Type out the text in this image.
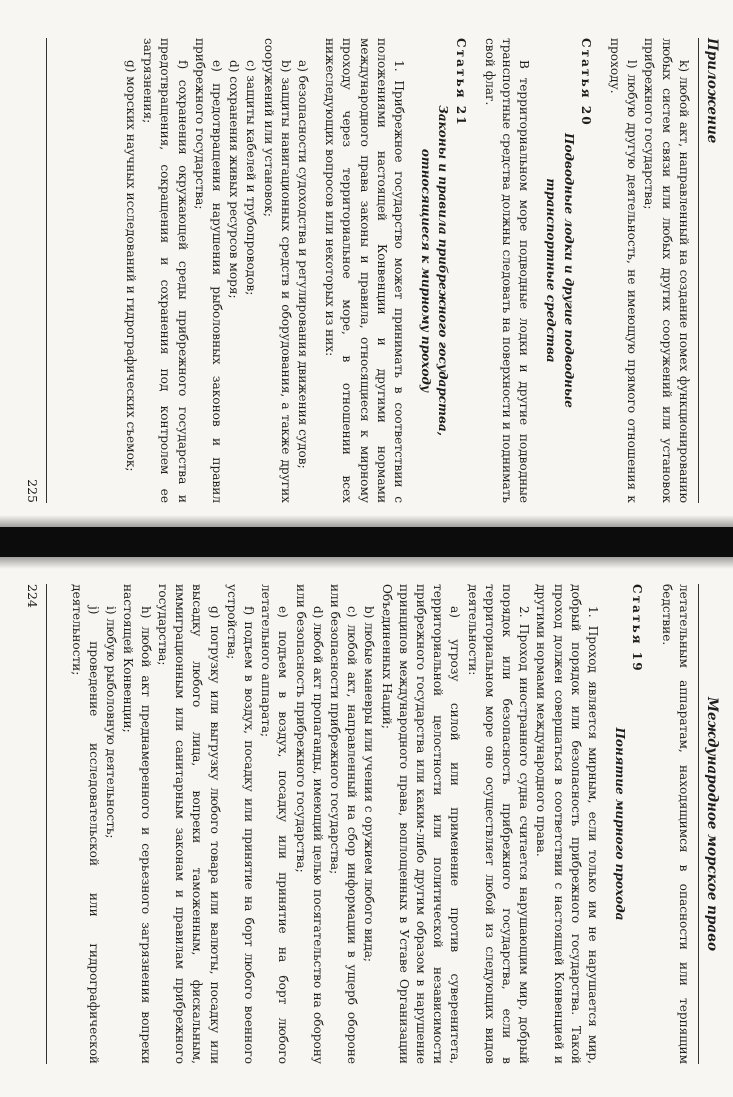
Международное морское право

летательным аппаратам, находящимся в опасности или терпящим бедствие.

Статья 19

Понятие мирного прохода

1. Проход является мирным, если только им не нарушается мир, добрый порядок или безопасность прибрежного государства. Такой проход должен совершаться в соответствии с настоящей Конвенцией и другими нормами международного права.

2. Проход иностранного судна считается нарушающим мир, добрый порядок или безопасность прибрежного государства, если в территориальном море оно осуществляет любой из следующих видов деятельности:

a) угрозу силой или применение против суверенитета, территориальной целостности или политической независимости прибрежного государства или каким-либо другим образом в нарушение принципов международного права, воплощенных в Уставе Организации Объединенных Наций;

b) любые маневры или учения с оружием любого вида;

c) любой акт, направленный на сбор информации в ущерб обороне или безопасности прибрежного государства;

d) любой акт пропаганды, имеющий целью посягательство на оборону или безопасность прибрежного государства;

e) подъем в воздух, посадку или принятие на борт любого летательного аппарата;

f) подъем в воздух, посадку или принятие на борт любого военного устройства;

g) погрузку или выгрузку любого товара или валюты, посадку или высадку любого лица, вопреки таможенным, фискальным, иммиграционным или санитарным законам и правилам прибрежного государства;

h) любой акт преднамеренного и серьезного загрязнения вопреки настоящей Конвенции;

i) любую рыболовную деятельность;

j) проведение исследовательской или гидрографической деятельности;

224
Приложение

k) любой акт, направленный на создание помех функционированию любых систем связи или любых других сооружений или установок прибрежного государства;

l) любую другую деятельность, не имеющую прямого отношения к проходу.

Статья 20

Подводные лодки и другие подводные транспортные средства

В территориальном море подводные лодки и другие подводные транспортные средства должны следовать на поверхности и поднимать свой флаг.

Статья 21

Законы и правила прибрежного государства, относящиеся к мирному проходу

1. Прибрежное государство может принимать в соответствии с положениями настоящей Конвенции и другими нормами международного права законы и правила, относящиеся к мирному проходу через территориальное море, в отношении всех нижеследующих вопросов или некоторых из них:

a) безопасности судоходства и регулирования движения судов;

b) защиты навигационных средств и оборудования, а также других сооружений или установок;

c) защиты кабелей и трубопроводов;

d) сохранения живых ресурсов моря;

e) предотвращения нарушения рыболовных законов и правил прибрежного государства;

f) сохранения окружающей среды прибрежного государства и предотвращения, сокращения и сохранения под контролем ее загрязнения;

g) морских научных исследований и гидрографических съемок;

225
